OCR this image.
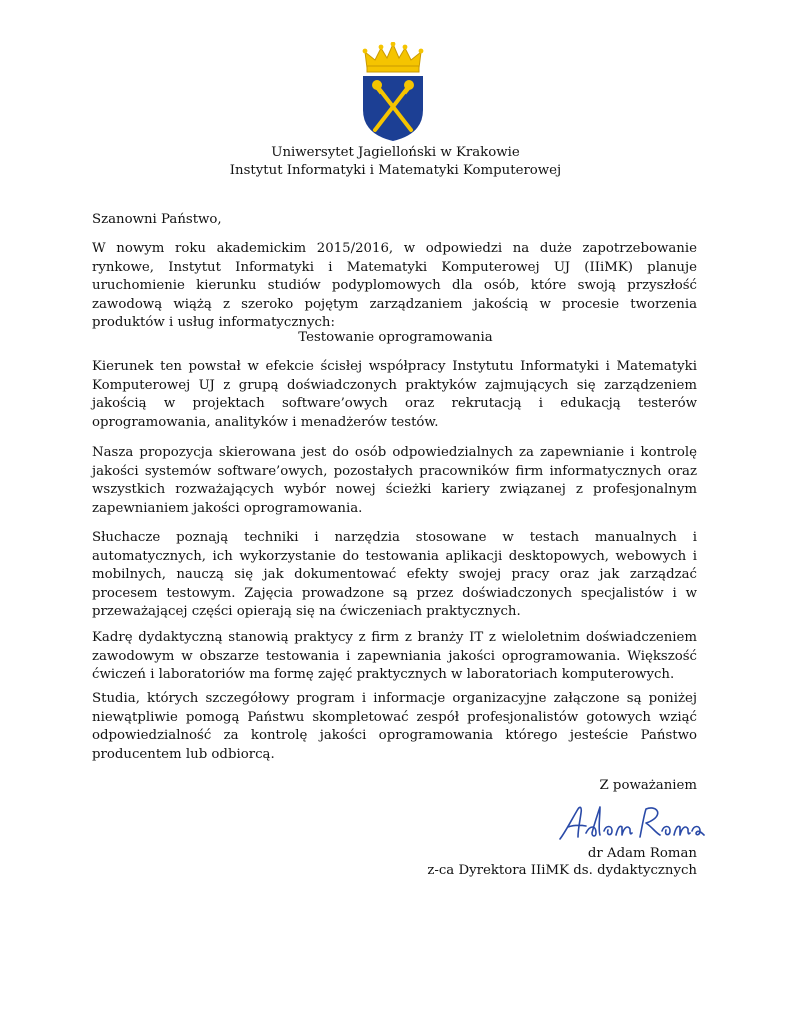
Uniwersytet Jagielloński w Krakowie
Instytut Informatyki i Matematyki Komputerowej
Szanowni Państwo,

W nowym roku akademickim 2015/2016, w odpowiedzi na duże zapotrzebowanie rynkowe, Instytut Informatyki i Matematyki Komputerowej UJ (IIiMK) planuje uruchomienie kierunku studiów podyplomowych dla osób, które swoją przyszłość zawodową wiążą z szeroko pojętym zarządzaniem jakością w procesie tworzenia produktów i usług informatycznych:

Testowanie oprogramowania

Kierunek ten powstał w efekcie ścisłej współpracy Instytutu Informatyki i Matematyki Komputerowej UJ z grupą doświadczonych praktyków zajmujących się zarządzeniem jakością w projektach software’owych oraz rekrutacją i edukacją testerów oprogramowania, analityków i menadżerów testów.

Nasza propozycja skierowana jest do osób odpowiedzialnych za zapewnianie i kontrolę jakości systemów software’owych, pozostałych pracowników firm informatycznych oraz wszystkich rozważających wybór nowej ścieżki kariery związanej z profesjonalnym zapewnianiem jakości oprogramowania.

Słuchacze poznają techniki i narzędzia stosowane w testach manualnych i automatycznych, ich wykorzystanie do testowania aplikacji desktopowych, webowych i mobilnych, nauczą się jak dokumentować efekty swojej pracy oraz jak zarządzać procesem testowym. Zajęcia prowadzone są przez doświadczonych specjalistów i w przeważającej części opierają się na ćwiczeniach praktycznych.

Kadrę dydaktyczną stanowią praktycy z firm z branży IT z wieloletnim doświadczeniem zawodowym w obszarze testowania i zapewniania jakości oprogramowania. Większość ćwiczeń i laboratoriów ma formę zajęć praktycznych w laboratoriach komputerowych.

Studia, których szczegółowy program i informacje organizacyjne załączone są poniżej niewątpliwie pomogą Państwu skompletować zespół profesjonalistów gotowych wziąć odpowiedzialność za kontrolę jakości oprogramowania którego jesteście Państwo producentem lub odbiorcą.

Z poważaniem
dr Adam Roman
z-ca Dyrektora IIiMK ds. dydaktycznych
